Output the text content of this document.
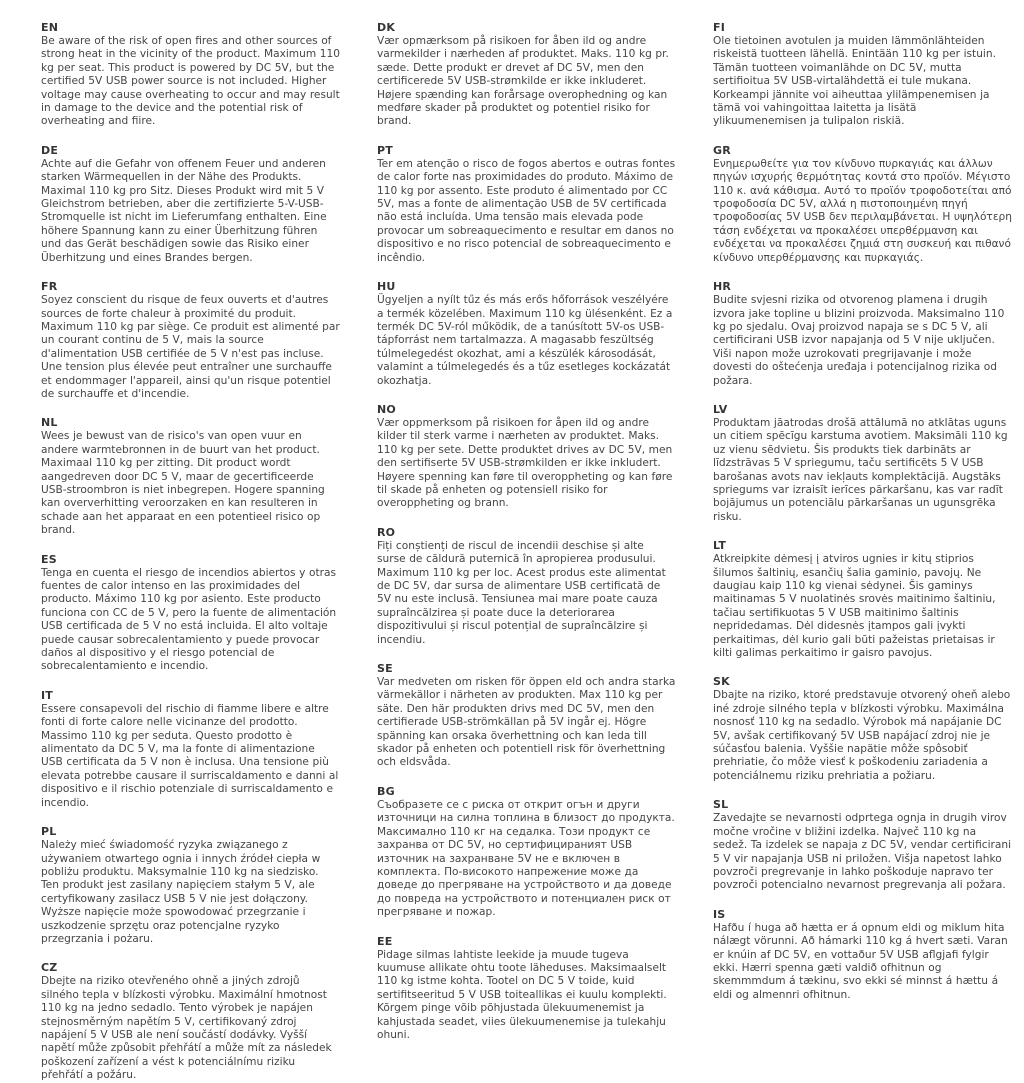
EN
Be aware of the risk of open fires and other sources of strong heat in the vicinity of the product. Maximum 110 kg per seat. This product is powered by DC 5V, but the certified 5V USB power source is not included. Higher voltage may cause overheating to occur and may result in damage to the device and the potential risk of overheating and fiire.
DE
Achte auf die Gefahr von offenem Feuer und anderen starken Wärmequellen in der Nähe des Produkts. Maximal 110 kg pro Sitz. Dieses Produkt wird mit 5 V Gleichstrom betrieben, aber die zertifizierte 5-V-USB-Stromquelle ist nicht im Lieferumfang enthalten. Eine höhere Spannung kann zu einer Überhitzung führen und das Gerät beschädigen sowie das Risiko einer Überhitzung und eines Brandes bergen.
FR
Soyez conscient du risque de feux ouverts et d'autres sources de forte chaleur à proximité du produit. Maximum 110 kg par siège. Ce produit est alimenté par un courant continu de 5 V, mais la source d'alimentation USB certifiée de 5 V n'est pas incluse. Une tension plus élevée peut entraîner une surchauffe et endommager l'appareil, ainsi qu'un risque potentiel de surchauffe et d'incendie.
NL
Wees je bewust van de risico's van open vuur en andere warmtebronnen in de buurt van het product. Maximaal 110 kg per zitting. Dit product wordt aangedreven door DC 5 V, maar de gecertificeerde USB-stroombron is niet inbegrepen. Hogere spanning kan oververhitting veroorzaken en kan resulteren in schade aan het apparaat en een potentieel risico op brand.
ES
Tenga en cuenta el riesgo de incendios abiertos y otras fuentes de calor intenso en las proximidades del producto. Máximo 110 kg por asiento. Este producto funciona con CC de 5 V, pero la fuente de alimentación USB certificada de 5 V no está incluida. El alto voltaje puede causar sobrecalentamiento y puede provocar daños al dispositivo y el riesgo potencial de sobrecalentamiento e incendio.
IT
Essere consapevoli del rischio di fiamme libere e altre fonti di forte calore nelle vicinanze del prodotto. Massimo 110 kg per seduta. Questo prodotto è alimentato da DC 5 V, ma la fonte di alimentazione USB certificata da 5 V non è inclusa. Una tensione più elevata potrebbe causare il surriscaldamento e danni al dispositivo e il rischio potenziale di surriscaldamento e incendio.
PL
Należy mieć świadomość ryzyka związanego z używaniem otwartego ognia i innych źródeł ciepła w pobliżu produktu. Maksymalnie 110 kg na siedzisko. Ten produkt jest zasilany napięciem stałym 5 V, ale certyfikowany zasilacz USB 5 V nie jest dołączony. Wyższe napięcie może spowodować przegrzanie i uszkodzenie sprzętu oraz potencjalne ryzyko przegrzania i pożaru.
CZ
Dbejte na riziko otevřeného ohně a jiných zdrojů silného tepla v blízkosti výrobku. Maximální hmotnost 110 kg na jedno sedadlo. Tento výrobek je napájen stejnosměrným napětím 5 V, certifikovaný zdroj napájení 5 V USB ale není součástí dodávky. Vyšší napětí může způsobit přehřátí a může mít za následek poškození zařízení a vést k potenciálnímu riziku přehřátí a požáru.
DK
Vær opmærksom på risikoen for åben ild og andre varmekilder i nærheden af produktet. Maks. 110 kg pr. sæde. Dette produkt er drevet af DC 5V, men den certificerede 5V USB-strømkilde er ikke inkluderet. Højere spænding kan forårsage overophedning og kan medføre skader på produktet og potentiel risiko for brand.
PT
Ter em atenção o risco de fogos abertos e outras fontes de calor forte nas proximidades do produto. Máximo de 110 kg por assento. Este produto é alimentado por CC 5V, mas a fonte de alimentação USB de 5V certificada não está incluída. Uma tensão mais elevada pode provocar um sobreaquecimento e resultar em danos no dispositivo e no risco potencial de sobreaquecimento e incêndio.
HU
Ügyeljen a nyílt tűz és más erős hőforrások veszélyére a termék közelében. Maximum 110 kg ülésenként. Ez a termék DC 5V-ról működik, de a tanúsított 5V-os USB-tápforrást nem tartalmazza. A magasabb feszültség túlmelegedést okozhat, ami a készülék károsodását, valamint a túlmelegedés és a tűz esetleges kockázatát okozhatja.
NO
Vær oppmerksom på risikoen for åpen ild og andre kilder til sterk varme i nærheten av produktet. Maks. 110 kg per sete. Dette produktet drives av DC 5V, men den sertifiserte 5V USB-strømkilden er ikke inkludert. Høyere spenning kan føre til overoppheting og kan føre til skade på enheten og potensiell risiko for overoppheting og brann.
RO
Fiți conștienți de riscul de incendii deschise și alte surse de căldură puternică în apropierea produsului. Maximum 110 kg per loc. Acest produs este alimentat de DC 5V, dar sursa de alimentare USB certificată de 5V nu este inclusă. Tensiunea mai mare poate cauza supraîncălzirea și poate duce la deteriorarea dispozitivului și riscul potențial de supraîncălzire și incendiu.
SE
Var medveten om risken för öppen eld och andra starka värmekällor i närheten av produkten. Max 110 kg per säte. Den här produkten drivs med DC 5V, men den certifierade USB-strömkällan på 5V ingår ej. Högre spänning kan orsaka överhettning och kan leda till skador på enheten och potentiell risk för överhettning och eldsvåda.
BG
Съобразете се с риска от открит огън и други източници на силна топлина в близост до продукта. Максимално 110 кг на седалка. Този продукт се захранва от DC 5V, но сертифицираният USB източник на захранване 5V не е включен в комплекта. По-високото напрежение може да доведе до прегряване на устройството и да доведе до повреда на устройството и потенциален риск от прегряване и пожар.
EE
Pidage silmas lahtiste leekide ja muude tugeva kuumuse allikate ohtu toote läheduses. Maksimaalselt 110 kg istme kohta. Tootel on DC 5 V toide, kuid sertifitseeritud 5 V USB toiteallikas ei kuulu komplekti. Kõrgem pinge võib põhjustada ülekuumenemist ja kahjustada seadet, viies ülekuumenemise ja tulekahju ohuni.
FI
Ole tietoinen avotulen ja muiden lämmönlähteiden riskeistä tuotteen lähellä. Enintään 110 kg per istuin. Tämän tuotteen voimanlähde on DC 5V, mutta sertifioitua 5V USB-virtalähdettä ei tule mukana. Korkeampi jännite voi aiheuttaa ylilämpenemisen ja tämä voi vahingoittaa laitetta ja lisätä ylikuumenemisen ja tulipalon riskiä.
GR
Ενημερωθείτε για τον κίνδυνο πυρκαγιάς και άλλων πηγών ισχυρής θερμότητας κοντά στο προϊόν. Μέγιστο 110 κ. ανά κάθισμα. Αυτό το προϊόν τροφοδοτείται από τροφοδοσία DC 5V, αλλά η πιστοποιημένη πηγή τροφοδοσίας 5V USB δεν περιλαμβάνεται. Η υψηλότερη τάση ενδέχεται να προκαλέσει υπερθέρμανση και ενδέχεται να προκαλέσει ζημιά στη συσκευή και πιθανό κίνδυνο υπερθέρμανσης και πυρκαγιάς.
HR
Budite svjesni rizika od otvorenog plamena i drugih izvora jake topline u blizini proizvoda. Maksimalno 110 kg po sjedalu. Ovaj proizvod napaja se s DC 5 V, ali certificirani USB izvor napajanja od 5 V nije uključen. Viši napon može uzrokovati pregrijavanje i može dovesti do oštećenja uređaja i potencijalnog rizika od požara.
LV
Produktam jāatrodas drošā attālumā no atklātas uguns un citiem spēcīgu karstuma avotiem. Maksimāli 110 kg uz vienu sēdvietu. Šis produkts tiek darbināts ar līdzstrāvas 5 V spriegumu, taču sertificēts 5 V USB barošanas avots nav iekļauts komplektācijā. Augstāks spriegums var izraisīt ierīces pārkaršanu, kas var radīt bojājumus un potenciālu pārkaršanas un ugunsgrēka risku.
LT
Atkreipkite dėmesį į atviros ugnies ir kitų stiprios šilumos šaltinių, esančių šalia gaminio, pavojų. Ne daugiau kaip 110 kg vienai sėdynei. Šis gaminys maitinamas 5 V nuolatinės srovės maitinimo šaltiniu, tačiau sertifikuotas 5 V USB maitinimo šaltinis nepridedamas. Dėl didesnės įtampos gali įvykti perkaitimas, dėl kurio gali būti pažeistas prietaisas ir kilti galimas perkaitimo ir gaisro pavojus.
SK
Dbajte na riziko, ktoré predstavuje otvorený oheň alebo iné zdroje silného tepla v blízkosti výrobku. Maximálna nosnosť 110 kg na sedadlo. Výrobok má napájanie DC 5V, avšak certifikovaný 5V USB napájací zdroj nie je súčasťou balenia. Vyššie napätie môže spôsobiť prehriatie, čo môže viesť k poškodeniu zariadenia a potenciálnemu riziku prehriatia a požiaru.
SL
Zavedajte se nevarnosti odprtega ognja in drugih virov močne vročine v bližini izdelka. Največ 110 kg na sedež. Ta izdelek se napaja z DC 5V, vendar certificirani 5 V vir napajanja USB ni priložen. Višja napetost lahko povzroči pregrevanje in lahko poškoduje napravo ter povzroči potencialno nevarnost pregrevanja ali požara.
IS
Hafðu í huga að hætta er á opnum eldi og miklum hita nálægt vörunni. Að hámarki 110 kg á hvert sæti. Varan er knúin af DC 5V, en vottaður 5V USB aflgjafi fylgir ekki. Hærri spenna gæti valdið ofhitnun og skemmmdum á tækinu, svo ekki sé minnst á hættu á eldi og almennri ofhitnun.
